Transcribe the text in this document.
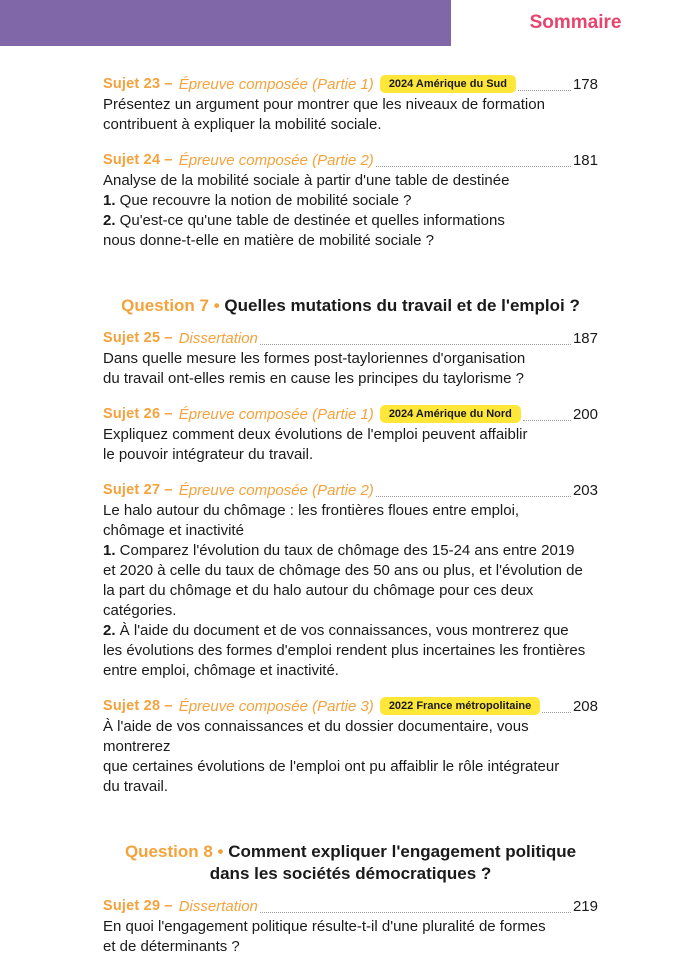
Sommaire
Sujet 23 – Épreuve composée (Partie 1)	2024 Amérique du Sud	178

Présentez un argument pour montrer que les niveaux de formation

contribuent à expliquer la mobilité sociale.

Sujet 24 – Épreuve composée (Partie 2)	181

Analyse de la mobilité sociale à partir d'une table de destinée

1. Que recouvre la notion de mobilité sociale ?

2. Qu'est-ce qu'une table de destinée et quelles informations

nous donne-t-elle en matière de mobilité sociale ?

Question 7 • Quelles mutations du travail et de l'emploi ?
Sujet 25 – Dissertation	187

Dans quelle mesure les formes post-tayloriennes d'organisation

du travail ont-elles remis en cause les principes du taylorisme ?

Sujet 26 – Épreuve composée (Partie 1)	2024 Amérique du Nord	200

Expliquez comment deux évolutions de l'emploi peuvent affaiblir

le pouvoir intégrateur du travail.

Sujet 27 – Épreuve composée (Partie 2)	203

Le halo autour du chômage : les frontières floues entre emploi,

chômage et inactivité

1. Comparez l'évolution du taux de chômage des 15-24 ans entre 2019

et 2020 à celle du taux de chômage des 50 ans ou plus, et l'évolution de

la part du chômage et du halo autour du chômage pour ces deux catégories.

2. À l'aide du document et de vos connaissances, vous montrerez que

les évolutions des formes d'emploi rendent plus incertaines les frontières

entre emploi, chômage et inactivité.

Sujet 28 – Épreuve composée (Partie 3)	2022 France métropolitaine	208

À l'aide de vos connaissances et du dossier documentaire, vous montrerez

que certaines évolutions de l'emploi ont pu affaiblir le rôle intégrateur

du travail.

Question 8 • Comment expliquer l'engagement politique
dans les sociétés démocratiques ?
Sujet 29 – Dissertation	219

En quoi l'engagement politique résulte-t-il d'une pluralité de formes

et de déterminants ?
